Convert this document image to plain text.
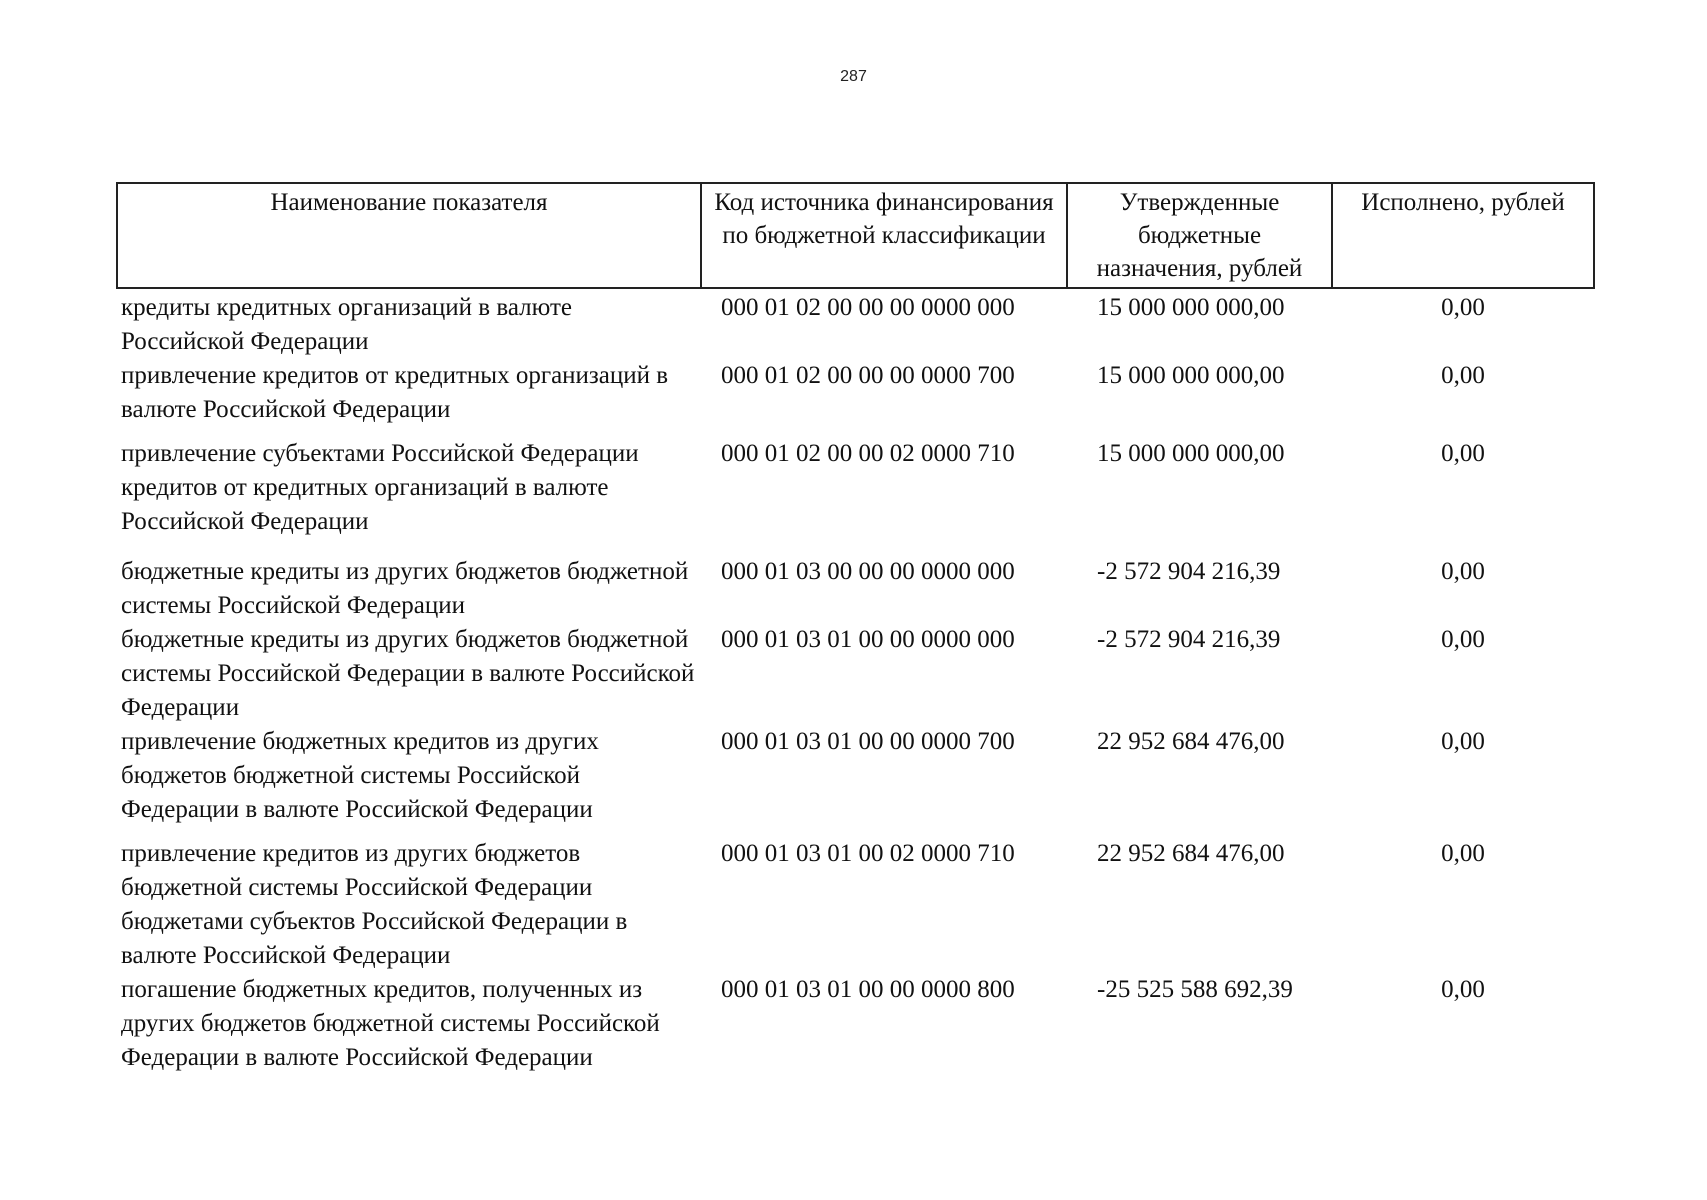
287
Наименование показателя	Код источника финансирования по бюджетной классификации	Утвержденные бюджетные назначения, рублей	Исполнено, рублей
кредиты кредитных организаций в валюте Российской Федерации	000 01 02 00 00 00 0000 000	15 000 000 000,00	0,00
привлечение кредитов от кредитных организаций в валюте Российской Федерации	000 01 02 00 00 00 0000 700	15 000 000 000,00	0,00
привлечение субъектами Российской Федерации кредитов от кредитных организаций в валюте Российской Федерации	000 01 02 00 00 02 0000 710	15 000 000 000,00	0,00
бюджетные кредиты из других бюджетов бюджетной системы Российской Федерации	000 01 03 00 00 00 0000 000	-2 572 904 216,39	0,00
бюджетные кредиты из других бюджетов бюджетной системы Российской Федерации в валюте Российской Федерации	000 01 03 01 00 00 0000 000	-2 572 904 216,39	0,00
привлечение бюджетных кредитов из других бюджетов бюджетной системы Российской Федерации в валюте Российской Федерации	000 01 03 01 00 00 0000 700	22 952 684 476,00	0,00
привлечение кредитов из других бюджетов бюджетной системы Российской Федерации бюджетами субъектов Российской Федерации в валюте Российской Федерации	000 01 03 01 00 02 0000 710	22 952 684 476,00	0,00
погашение бюджетных кредитов, полученных из других бюджетов бюджетной системы Российской Федерации в валюте Российской Федерации	000 01 03 01 00 00 0000 800	-25 525 588 692,39	0,00
